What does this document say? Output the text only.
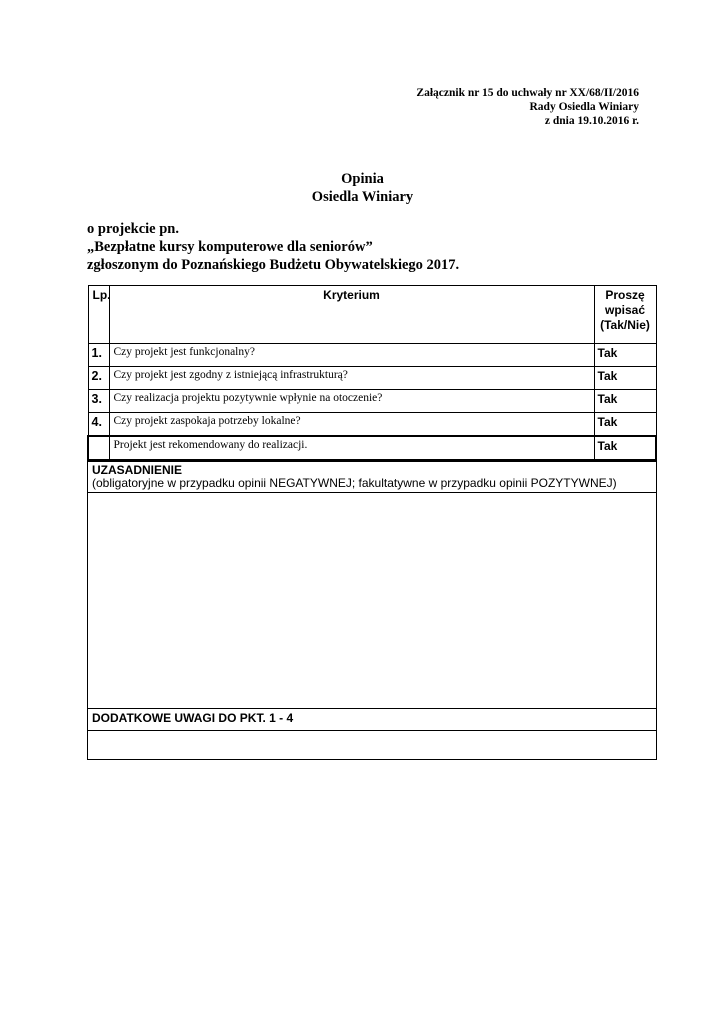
Załącznik nr 15 do uchwały nr XX/68/II/2016
Rady Osiedla Winiary
z dnia 19.10.2016 r.
Opinia
Osiedla Winiary
o projekcie pn.
„Bezpłatne kursy komputerowe dla seniorów”
zgłoszonym do Poznańskiego Budżetu Obywatelskiego 2017.
Lp.	Kryterium	Proszę wpisać (Tak/Nie)
1.	Czy projekt jest funkcjonalny?	Tak
2.	Czy projekt jest zgodny z istniejącą infrastrukturą?	Tak
3.	Czy realizacja projektu pozytywnie wpłynie na otoczenie?	Tak
4.	Czy projekt zaspokaja potrzeby lokalne?	Tak
	Projekt jest rekomendowany do realizacji.	Tak
UZASADNIENIE
(obligatoryjne w przypadku opinii NEGATYWNEJ; fakultatywne w przypadku opinii POZYTYWNEJ)

DODATKOWE UWAGI DO PKT. 1 - 4
